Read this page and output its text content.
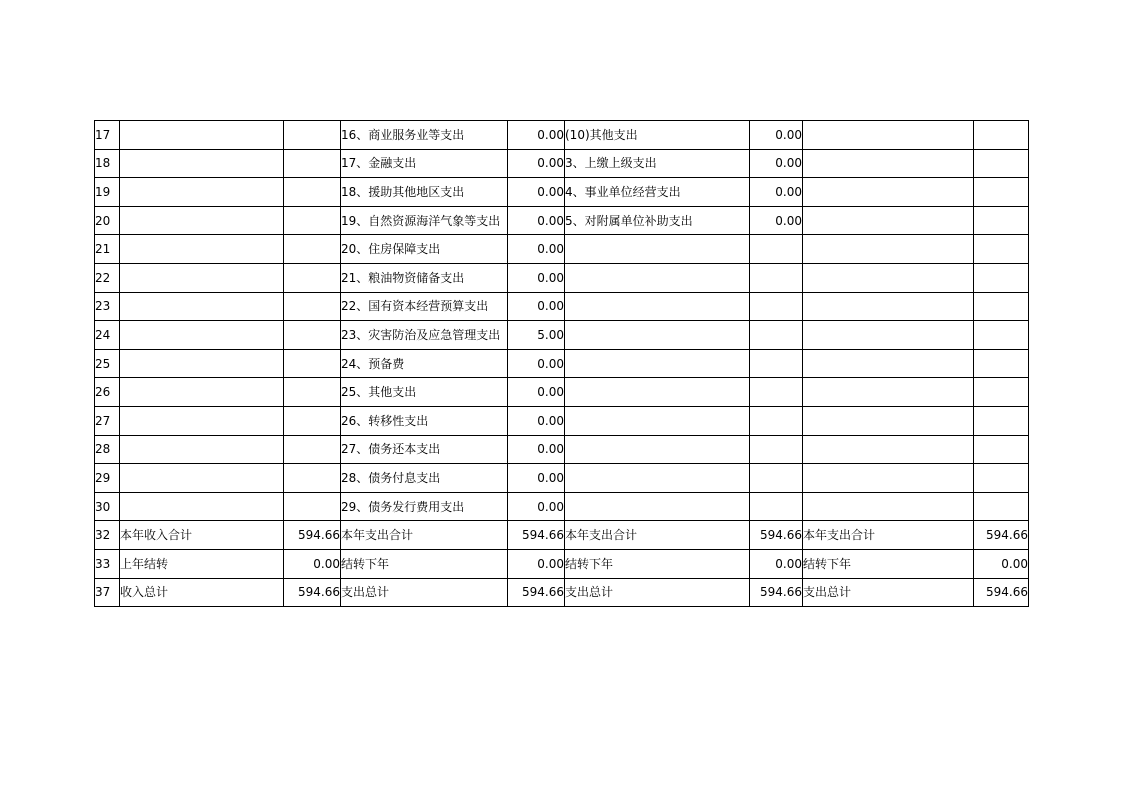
17			16、商业服务业等支出	0.00	(10)其他支出	0.00		
18			17、金融支出	0.00	3、上缴上级支出	0.00		
19			18、援助其他地区支出	0.00	4、事业单位经营支出	0.00		
20			19、自然资源海洋气象等支出	0.00	5、对附属单位补助支出	0.00		
21			20、住房保障支出	0.00				
22			21、粮油物资储备支出	0.00				
23			22、国有资本经营预算支出	0.00				
24			23、灾害防治及应急管理支出	5.00				
25			24、预备费	0.00				
26			25、其他支出	0.00				
27			26、转移性支出	0.00				
28			27、债务还本支出	0.00				
29			28、债务付息支出	0.00				
30			29、债务发行费用支出	0.00				
32	本年收入合计	594.66	本年支出合计	594.66	本年支出合计	594.66	本年支出合计	594.66
33	上年结转	0.00	结转下年	0.00	结转下年	0.00	结转下年	0.00
37	收入总计	594.66	支出总计	594.66	支出总计	594.66	支出总计	594.66
